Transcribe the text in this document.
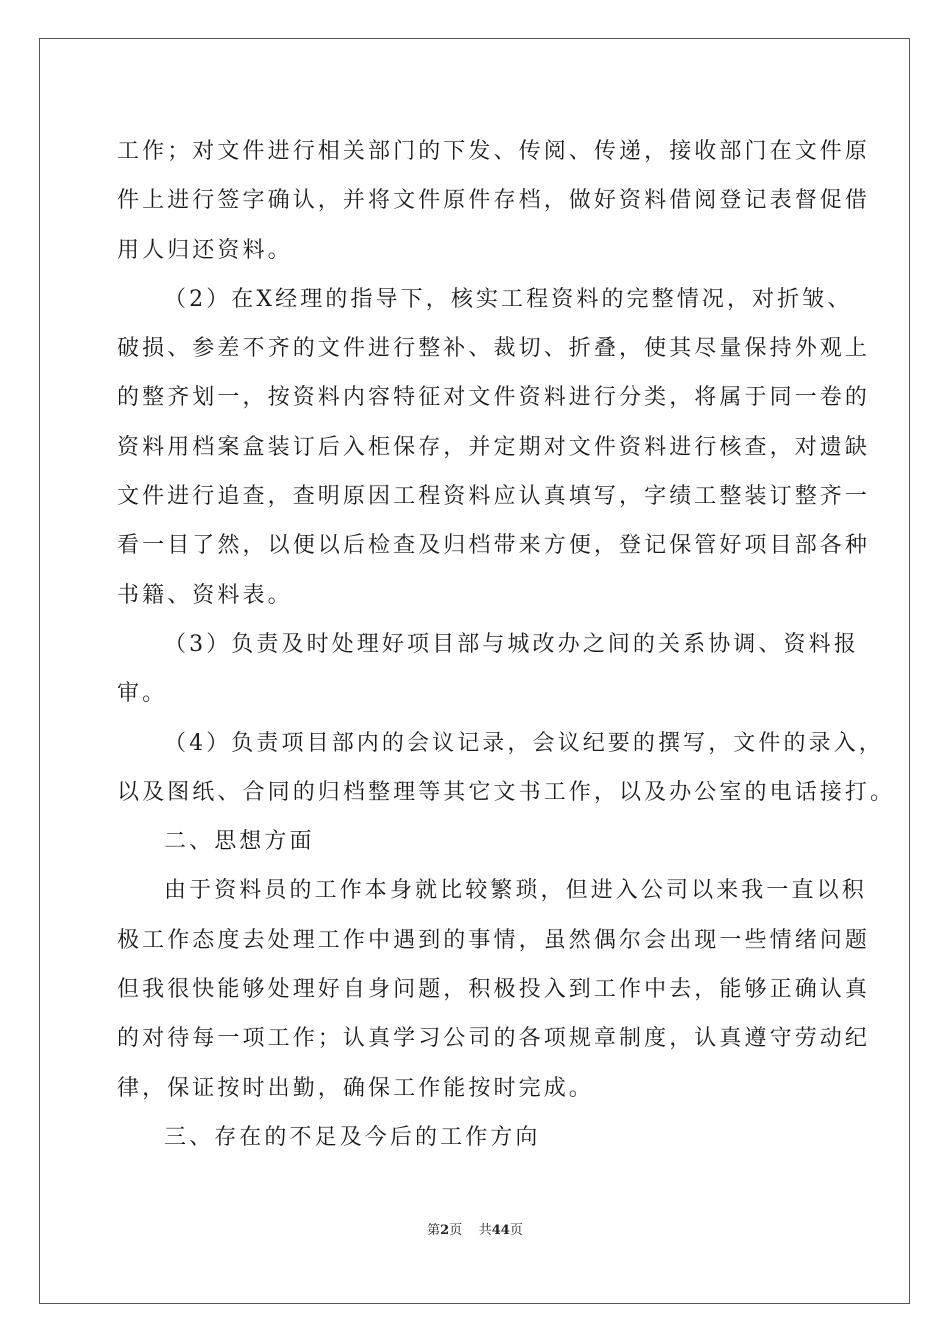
工作；对文件进行相关部门的下发、传阅、传递，接收部门在文件原
件上进行签字确认，并将文件原件存档，做好资料借阅登记表督促借
用人归还资料。
（2）在X经理的指导下，核实工程资料的完整情况，对折皱、
破损、参差不齐的文件进行整补、裁切、折叠，使其尽量保持外观上
的整齐划一，按资料内容特征对文件资料进行分类，将属于同一卷的
资料用档案盒装订后入柜保存，并定期对文件资料进行核查，对遗缺
文件进行追查，查明原因工程资料应认真填写，字绩工整装订整齐一
看一目了然，以便以后检查及归档带来方便，登记保管好项目部各种
书籍、资料表。
（3）负责及时处理好项目部与城改办之间的关系协调、资料报
审。
（4）负责项目部内的会议记录，会议纪要的撰写，文件的录入，
以及图纸、合同的归档整理等其它文书工作，以及办公室的电话接打。
二、思想方面
由于资料员的工作本身就比较繁琐，但进入公司以来我一直以积
极工作态度去处理工作中遇到的事情，虽然偶尔会出现一些情绪问题
但我很快能够处理好自身问题，积极投入到工作中去，能够正确认真
的对待每一项工作；认真学习公司的各项规章制度，认真遵守劳动纪
律，保证按时出勤，确保工作能按时完成。
三、存在的不足及今后的工作方向
第2页 共44页
